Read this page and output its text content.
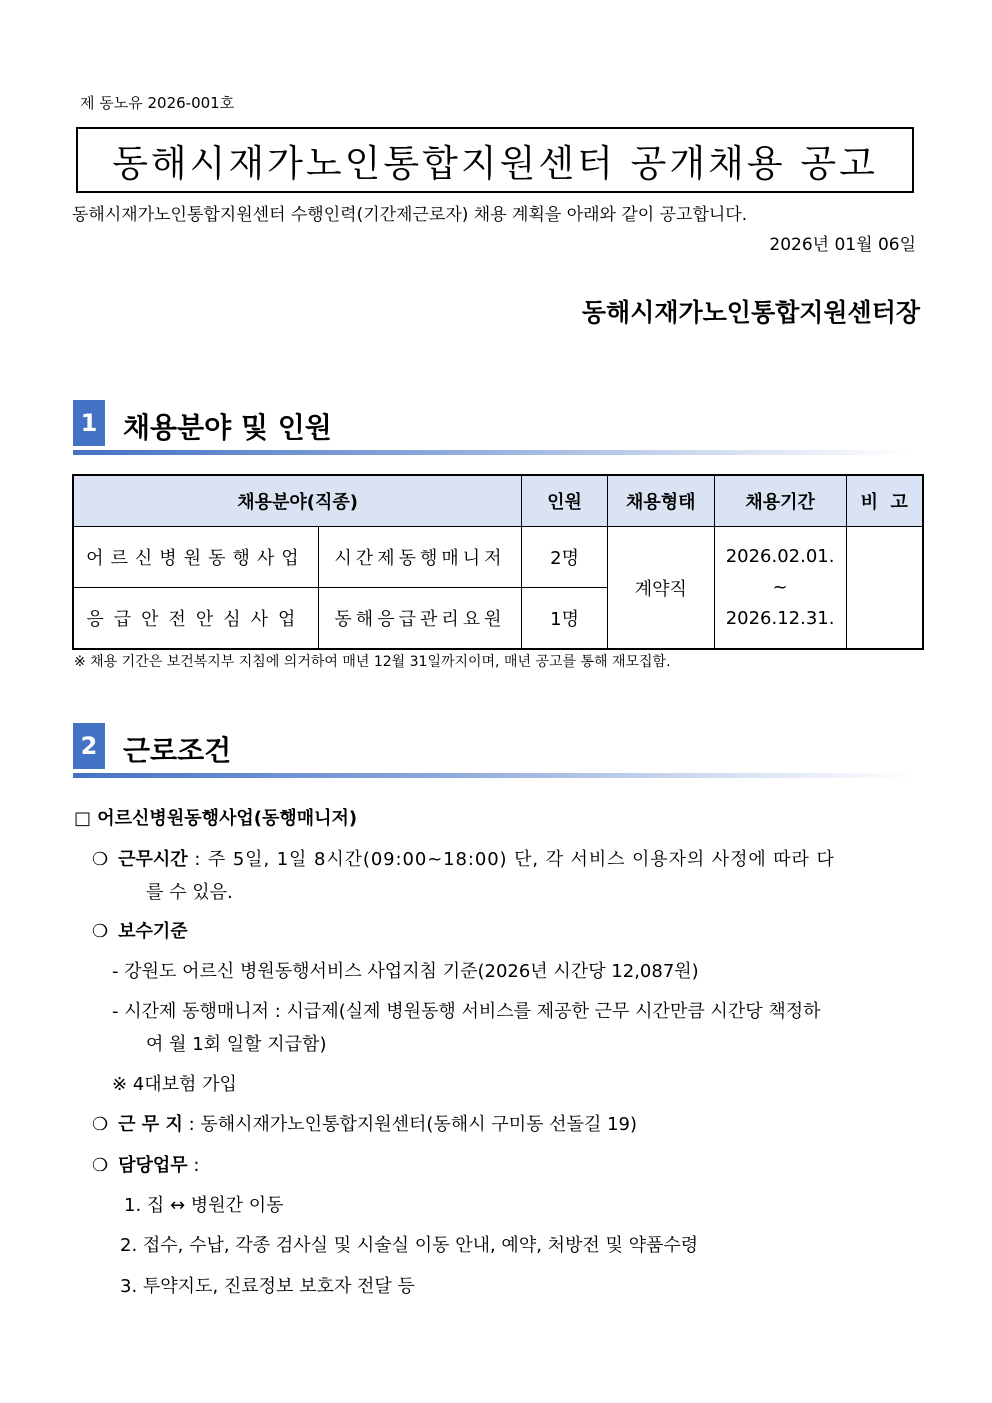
제 동노유 2026-001호
동해시재가노인통합지원센터 공개채용 공고
동해시재가노인통합지원센터 수행인력(기간제근로자) 채용 계획을 아래와 같이 공고합니다.
2026년 01월 06일
동해시재가노인통합지원센터장
1 채용분야 및 인원
채용분야(직종)		인원	채용형태	채용기간	비  고
어르신병원동행사업	시간제동행매니저	2명	계약직	2026.02.01.
~
2026.12.31.	

응급안전안심사업	동해응급관리요원	1명			
※ 채용 기간은 보건복지부 지침에 의거하여 매년 12월 31일까지이며, 매년 공고를 통해 재모집함.
2 근로조건
□ 어르신병원동행사업(동행매니저)
❍ 근무시간 : 주 5일, 1일 8시간(09:00~18:00) 단, 각 서비스 이용자의 사정에 따라 다
를 수 있음.
❍ 보수기준
- 강원도 어르신 병원동행서비스 사업지침 기준(2026년 시간당 12,087원)
- 시간제 동행매니저 : 시급제(실제 병원동행 서비스를 제공한 근무 시간만큼 시간당 책정하
여 월 1회 일할 지급함)
※ 4대보험 가입
❍ 근 무 지 : 동해시재가노인통합지원센터(동해시 구미동 선돌길 19)
❍ 담당업무 :
1. 집 ↔ 병원간 이동
2. 접수, 수납, 각종 검사실 및 시술실 이동 안내, 예약, 처방전 및 약품수령
3. 투약지도, 진료정보 보호자 전달 등
